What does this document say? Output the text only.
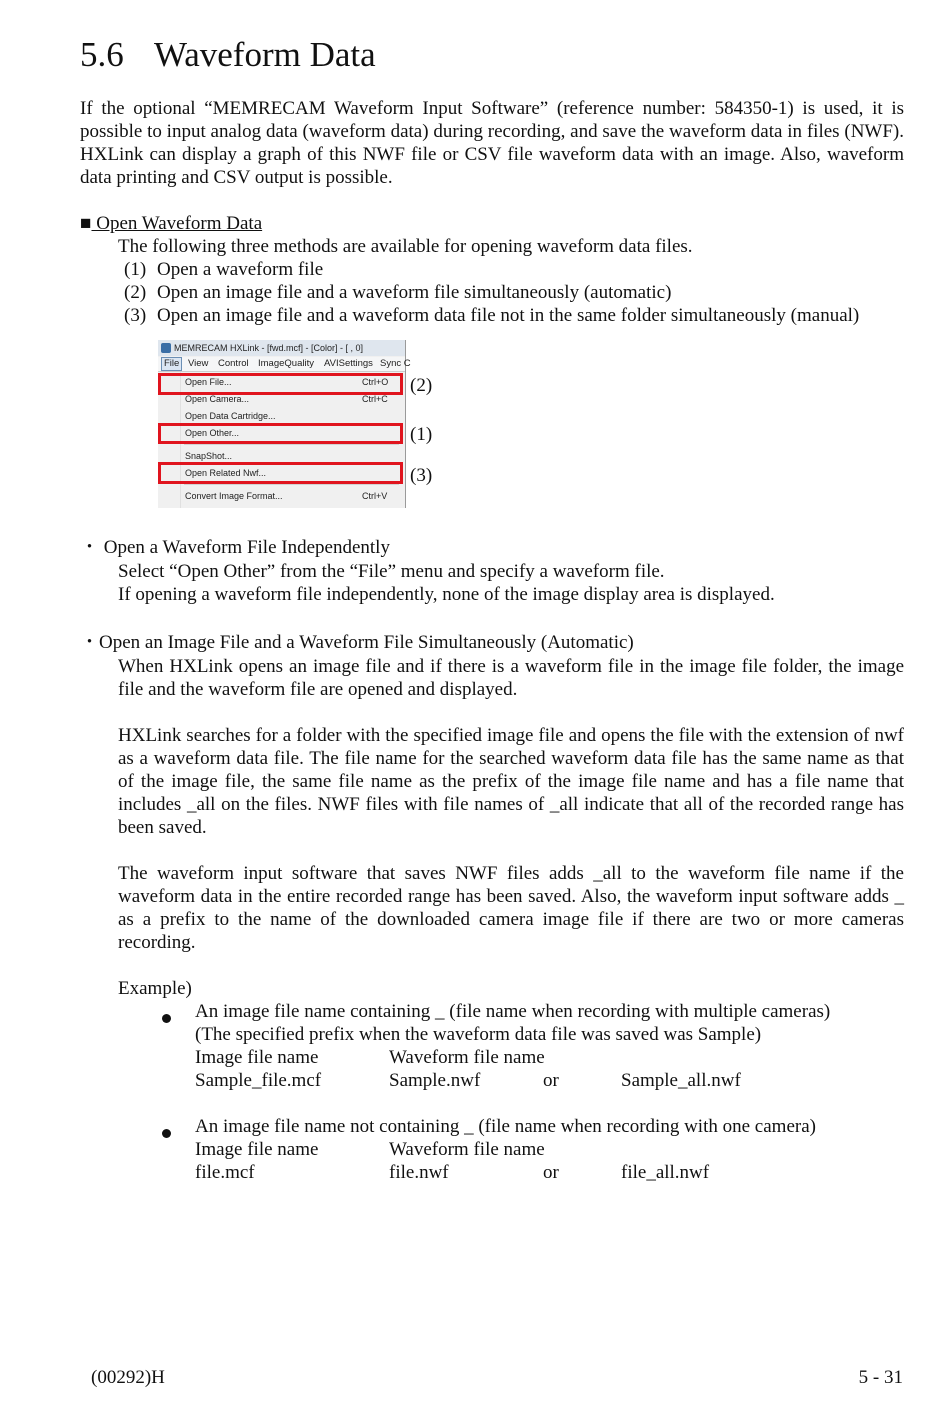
5.6 Waveform Data
If the optional “MEMRECAM Waveform Input Software” (reference number: 584350-1) is used, it is possible to input analog data (waveform data) during recording, and save the waveform data in files (NWF). HXLink can display a graph of this NWF file or CSV file waveform data with an image. Also, waveform data printing and CSV output is possible.
■ Open Waveform Data
The following three methods are available for opening waveform data files.
(1) Open a waveform file
(2) Open an image file and a waveform file simultaneously (automatic)
(3) Open an image file and a waveform data file not in the same folder simultaneously (manual)
MEMRECAM HXLink - [fwd.mcf] - [Color] - [ , 0]
File View Control ImageQuality AVISettings Sync C
Open File...	Ctrl+O
Open Camera...	Ctrl+C
Open Data Cartridge...
Open Other...
SnapShot...
Open Related Nwf...
Convert Image Format...	Ctrl+V
(2)
(1)
(3)
・ Open a Waveform File Independently
Select “Open Other” from the “File” menu and specify a waveform file.
If opening a waveform file independently, none of the image display area is displayed.
・Open an Image File and a Waveform File Simultaneously (Automatic)
When HXLink opens an image file and if there is a waveform file in the image file folder, the image file and the waveform file are opened and displayed.
HXLink searches for a folder with the specified image file and opens the file with the extension of nwf as a waveform data file. The file name for the searched waveform data file has the same name as that of the image file, the same file name as the prefix of the image file name and has a file name that includes _all on the files. NWF files with file names of _all indicate that all of the recorded range has been saved.
The waveform input software that saves NWF files adds _all to the waveform file name if the waveform data in the entire recorded range has been saved. Also, the waveform input software adds _ as a prefix to the name of the downloaded camera image file if there are two or more cameras recording.
Example)
An image file name containing _ (file name when recording with multiple cameras)
(The specified prefix when the waveform data file was saved was Sample)
Image file name	Waveform file name
Sample_file.mcf	Sample.nwf	or	Sample_all.nwf
An image file name not containing _ (file name when recording with one camera)
Image file name	Waveform file name
file.mcf	file.nwf	or	file_all.nwf
(00292)H	5 - 31
